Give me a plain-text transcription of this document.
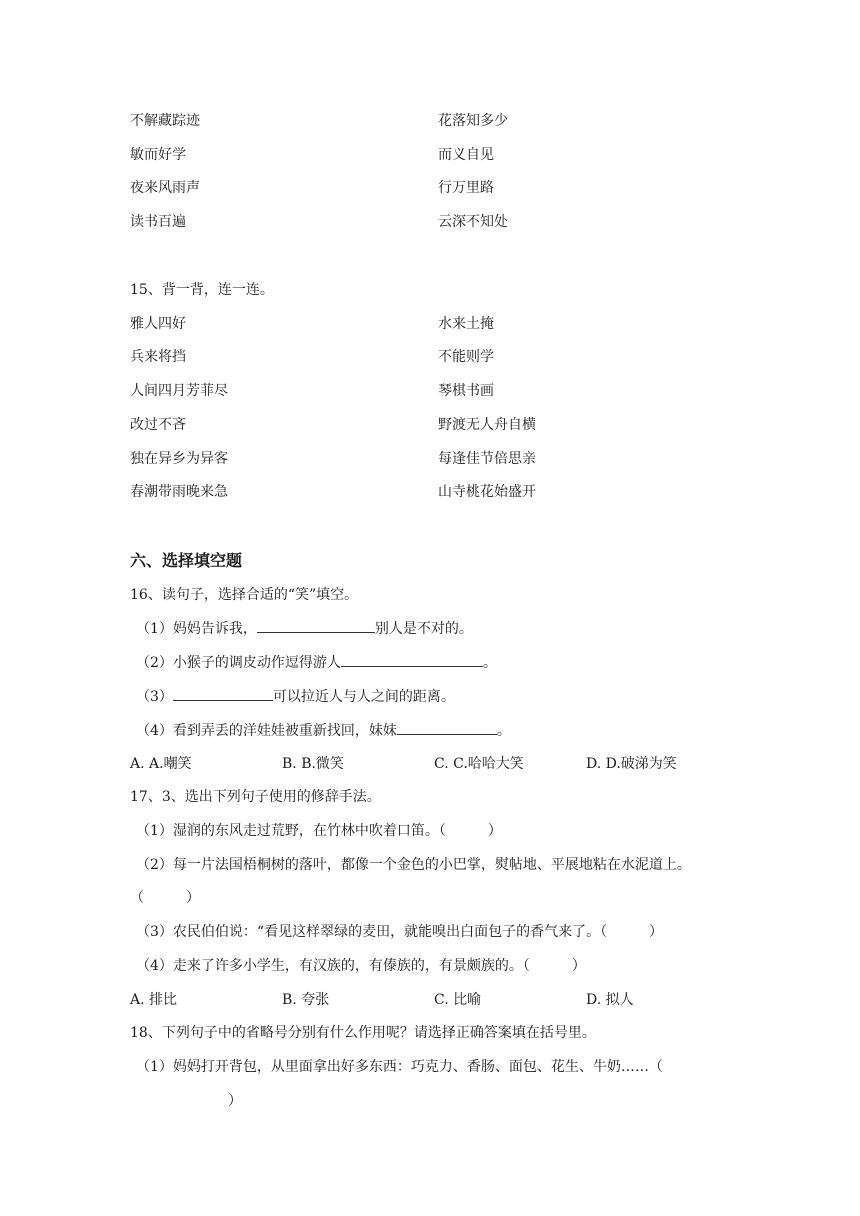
不解藏踪迹	花落知多少
敏而好学	而义自见
夜来风雨声	行万里路
读书百遍	云深不知处
15、背一背，连一连。
雅人四好	水来土掩
兵来将挡	不能则学
人间四月芳菲尽	琴棋书画
改过不吝	野渡无人舟自横
独在异乡为异客	每逢佳节倍思亲
春潮带雨晚来急	山寺桃花始盛开
六、选择填空题
16、读句子，选择合适的“笑”填空。
（1）妈妈告诉我，	别人是不对的。
（2）小猴子的调皮动作逗得游人	。
（3）	可以拉近人与人之间的距离。
（4）看到弄丢的洋娃娃被重新找回，妹妹	。
A. A.嘲笑	B. B.微笑	C. C.哈哈大笑	D. D.破涕为笑
17、3、选出下列句子使用的修辞手法。
（1）湿润的东风走过荒野，在竹林中吹着口笛。（　　　）
（2）每一片法国梧桐树的落叶，都像一个金色的小巴掌，熨帖地、平展地粘在水泥道上。
（　　　）
（3）农民伯伯说：“看见这样翠绿的麦田，就能嗅出白面包子的香气来了。（　　　）
（4）走来了许多小学生，有汉族的，有傣族的，有景颇族的。（　　　）
A. 排比	B. 夸张	C. 比喻	D. 拟人
18、下列句子中的省略号分别有什么作用呢？请选择正确答案填在括号里。
（1）妈妈打开背包，从里面拿出好多东西：巧克力、香肠、面包、花生、牛奶……（
）
